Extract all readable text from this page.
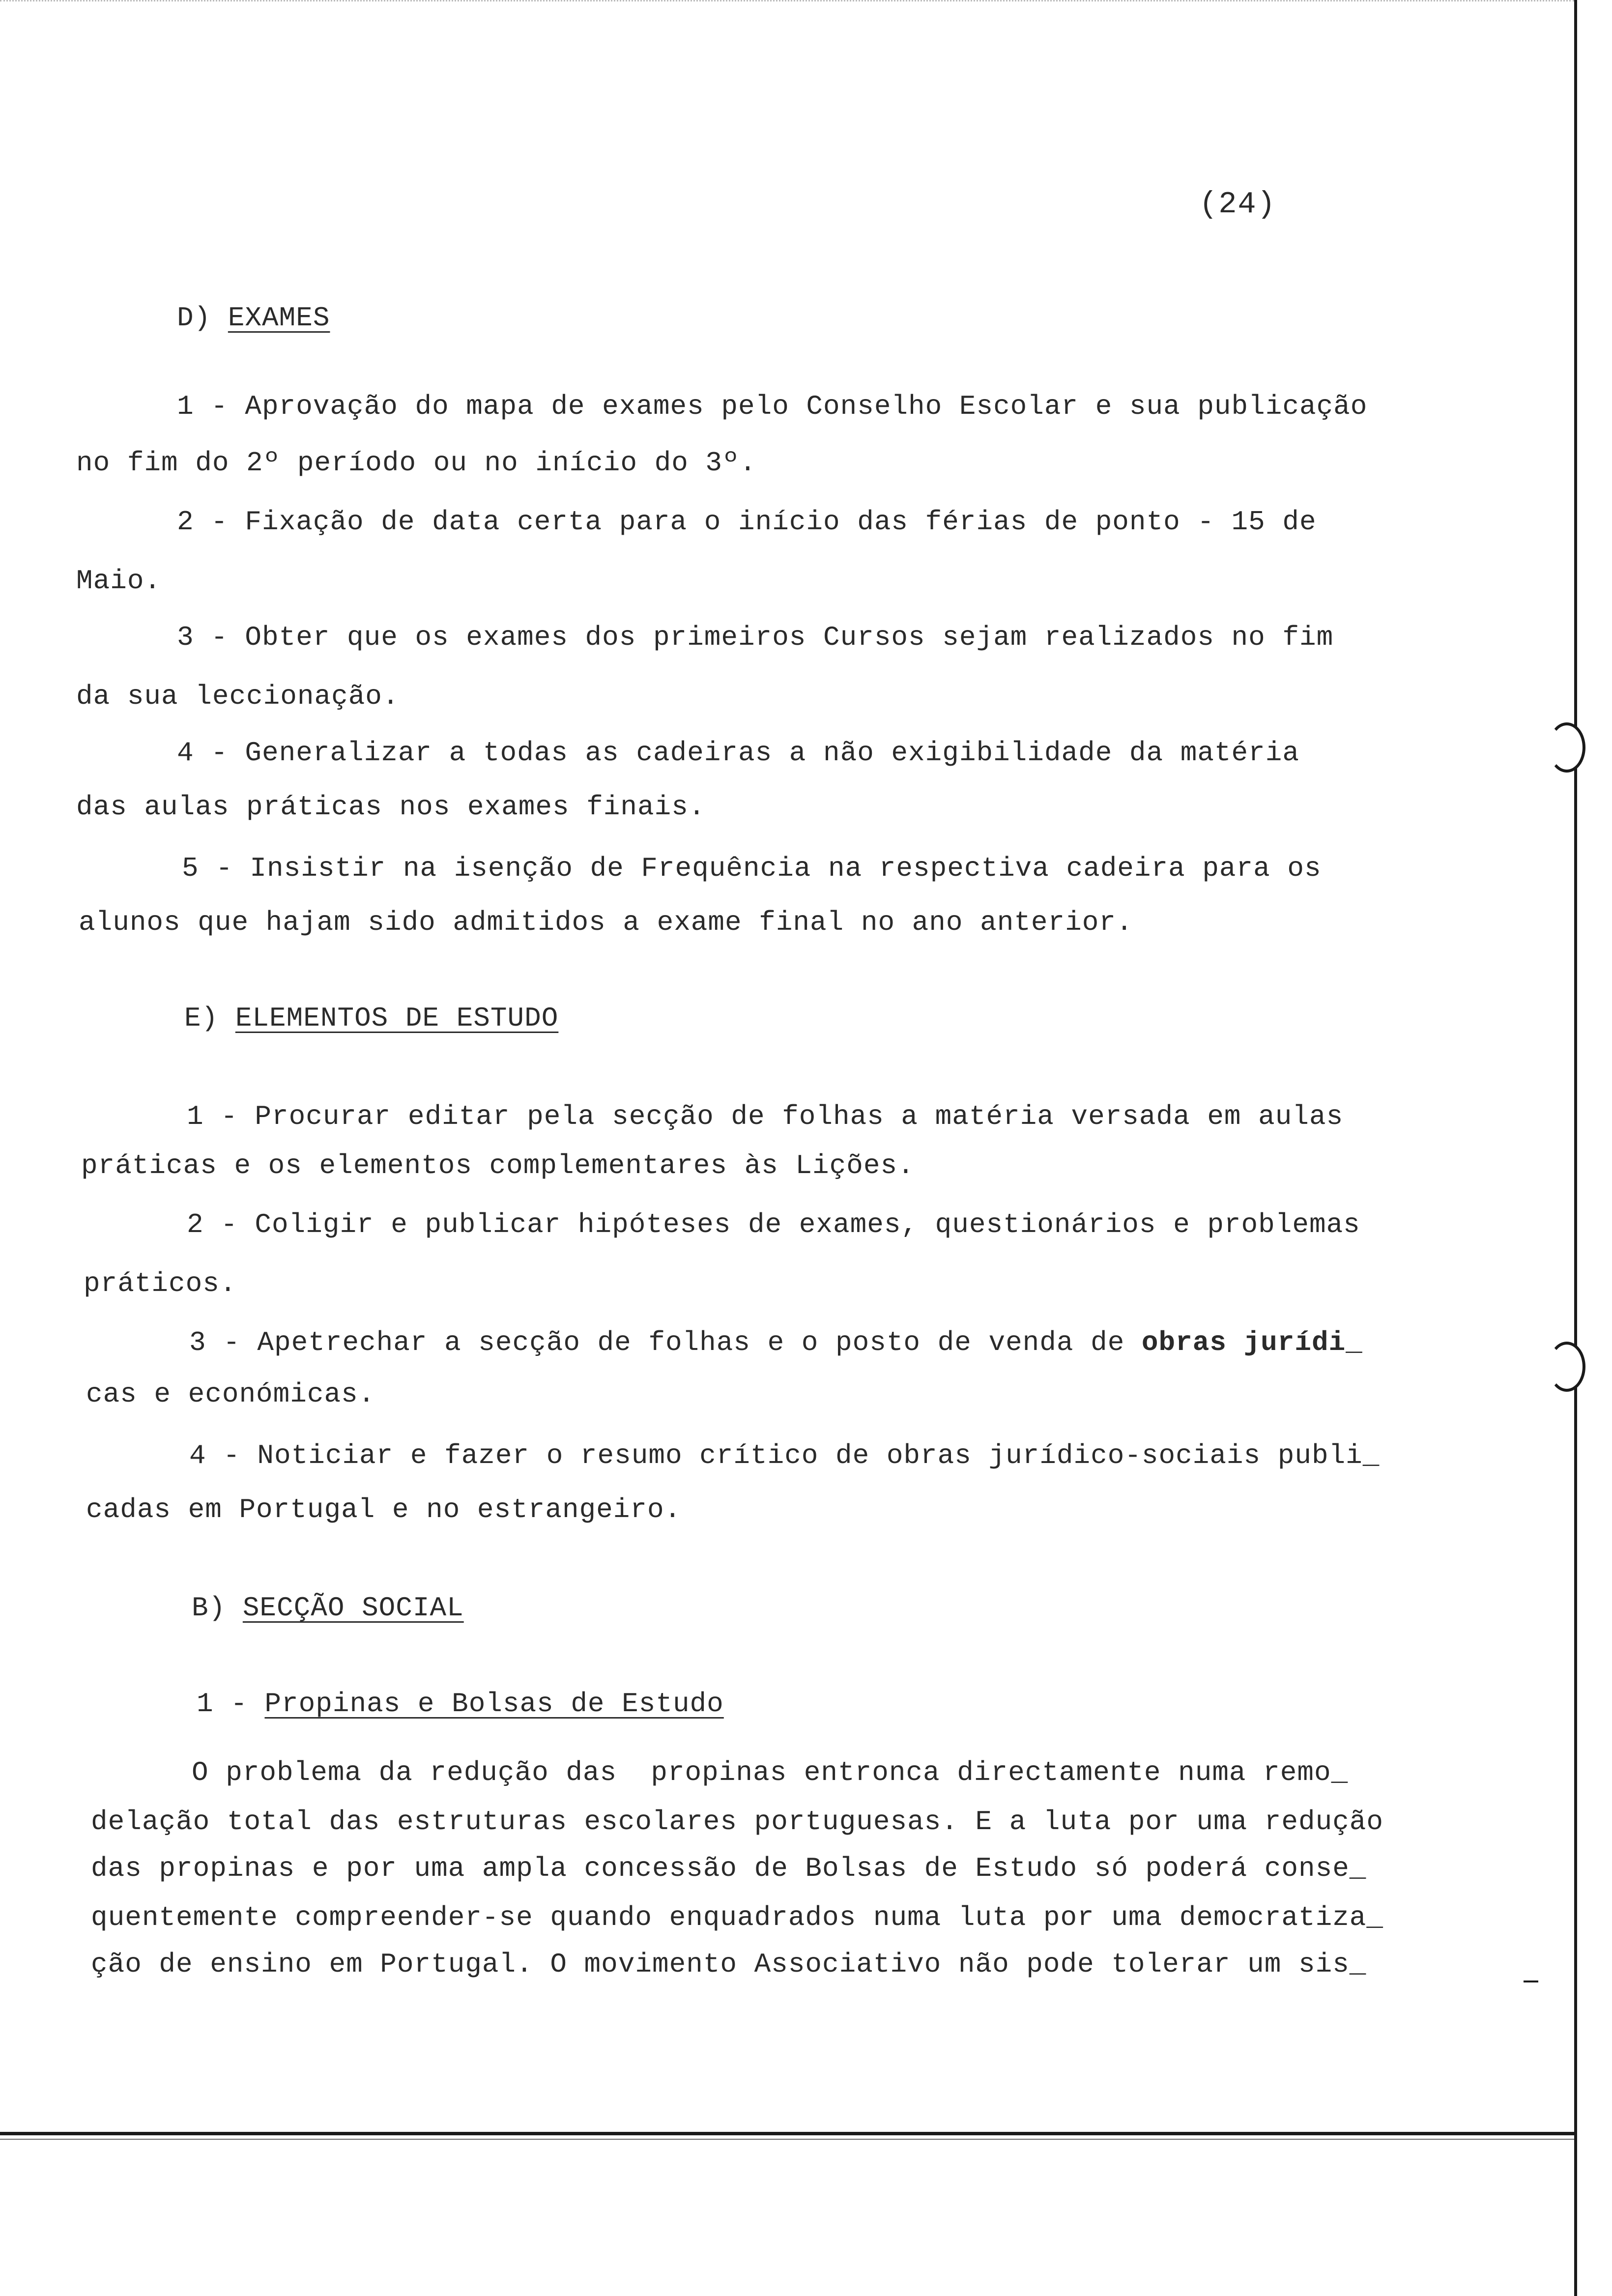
(24)
D) EXAMES
1 - Aprovação do mapa de exames pelo Conselho Escolar e sua publicação
no fim do 2º período ou no início do 3º.
2 - Fixação de data certa para o início das férias de ponto - 15 de
Maio.
3 - Obter que os exames dos primeiros Cursos sejam realizados no fim
da sua leccionação.
4 - Generalizar a todas as cadeiras a não exigibilidade da matéria
das aulas práticas nos exames finais.
5 - Insistir na isenção de Frequência na respectiva cadeira para os
alunos que hajam sido admitidos a exame final no ano anterior.
E) ELEMENTOS DE ESTUDO
1 - Procurar editar pela secção de folhas a matéria versada em aulas
práticas e os elementos complementares às Lições.
2 - Coligir e publicar hipóteses de exames, questionários e problemas
práticos.
3 - Apetrechar a secção de folhas e o posto de venda de obras jurídi_
cas e económicas.
4 - Noticiar e fazer o resumo crítico de obras jurídico-sociais publi_
cadas em Portugal e no estrangeiro.
B) SECÇÃO SOCIAL
1 - Propinas e Bolsas de Estudo
O problema da redução das  propinas entronca directamente numa remo_
delação total das estruturas escolares portuguesas. E a luta por uma redução
das propinas e por uma ampla concessão de Bolsas de Estudo só poderá conse_
quentemente compreender-se quando enquadrados numa luta por uma democratiza_
ção de ensino em Portugal. O movimento Associativo não pode tolerar um sis_
